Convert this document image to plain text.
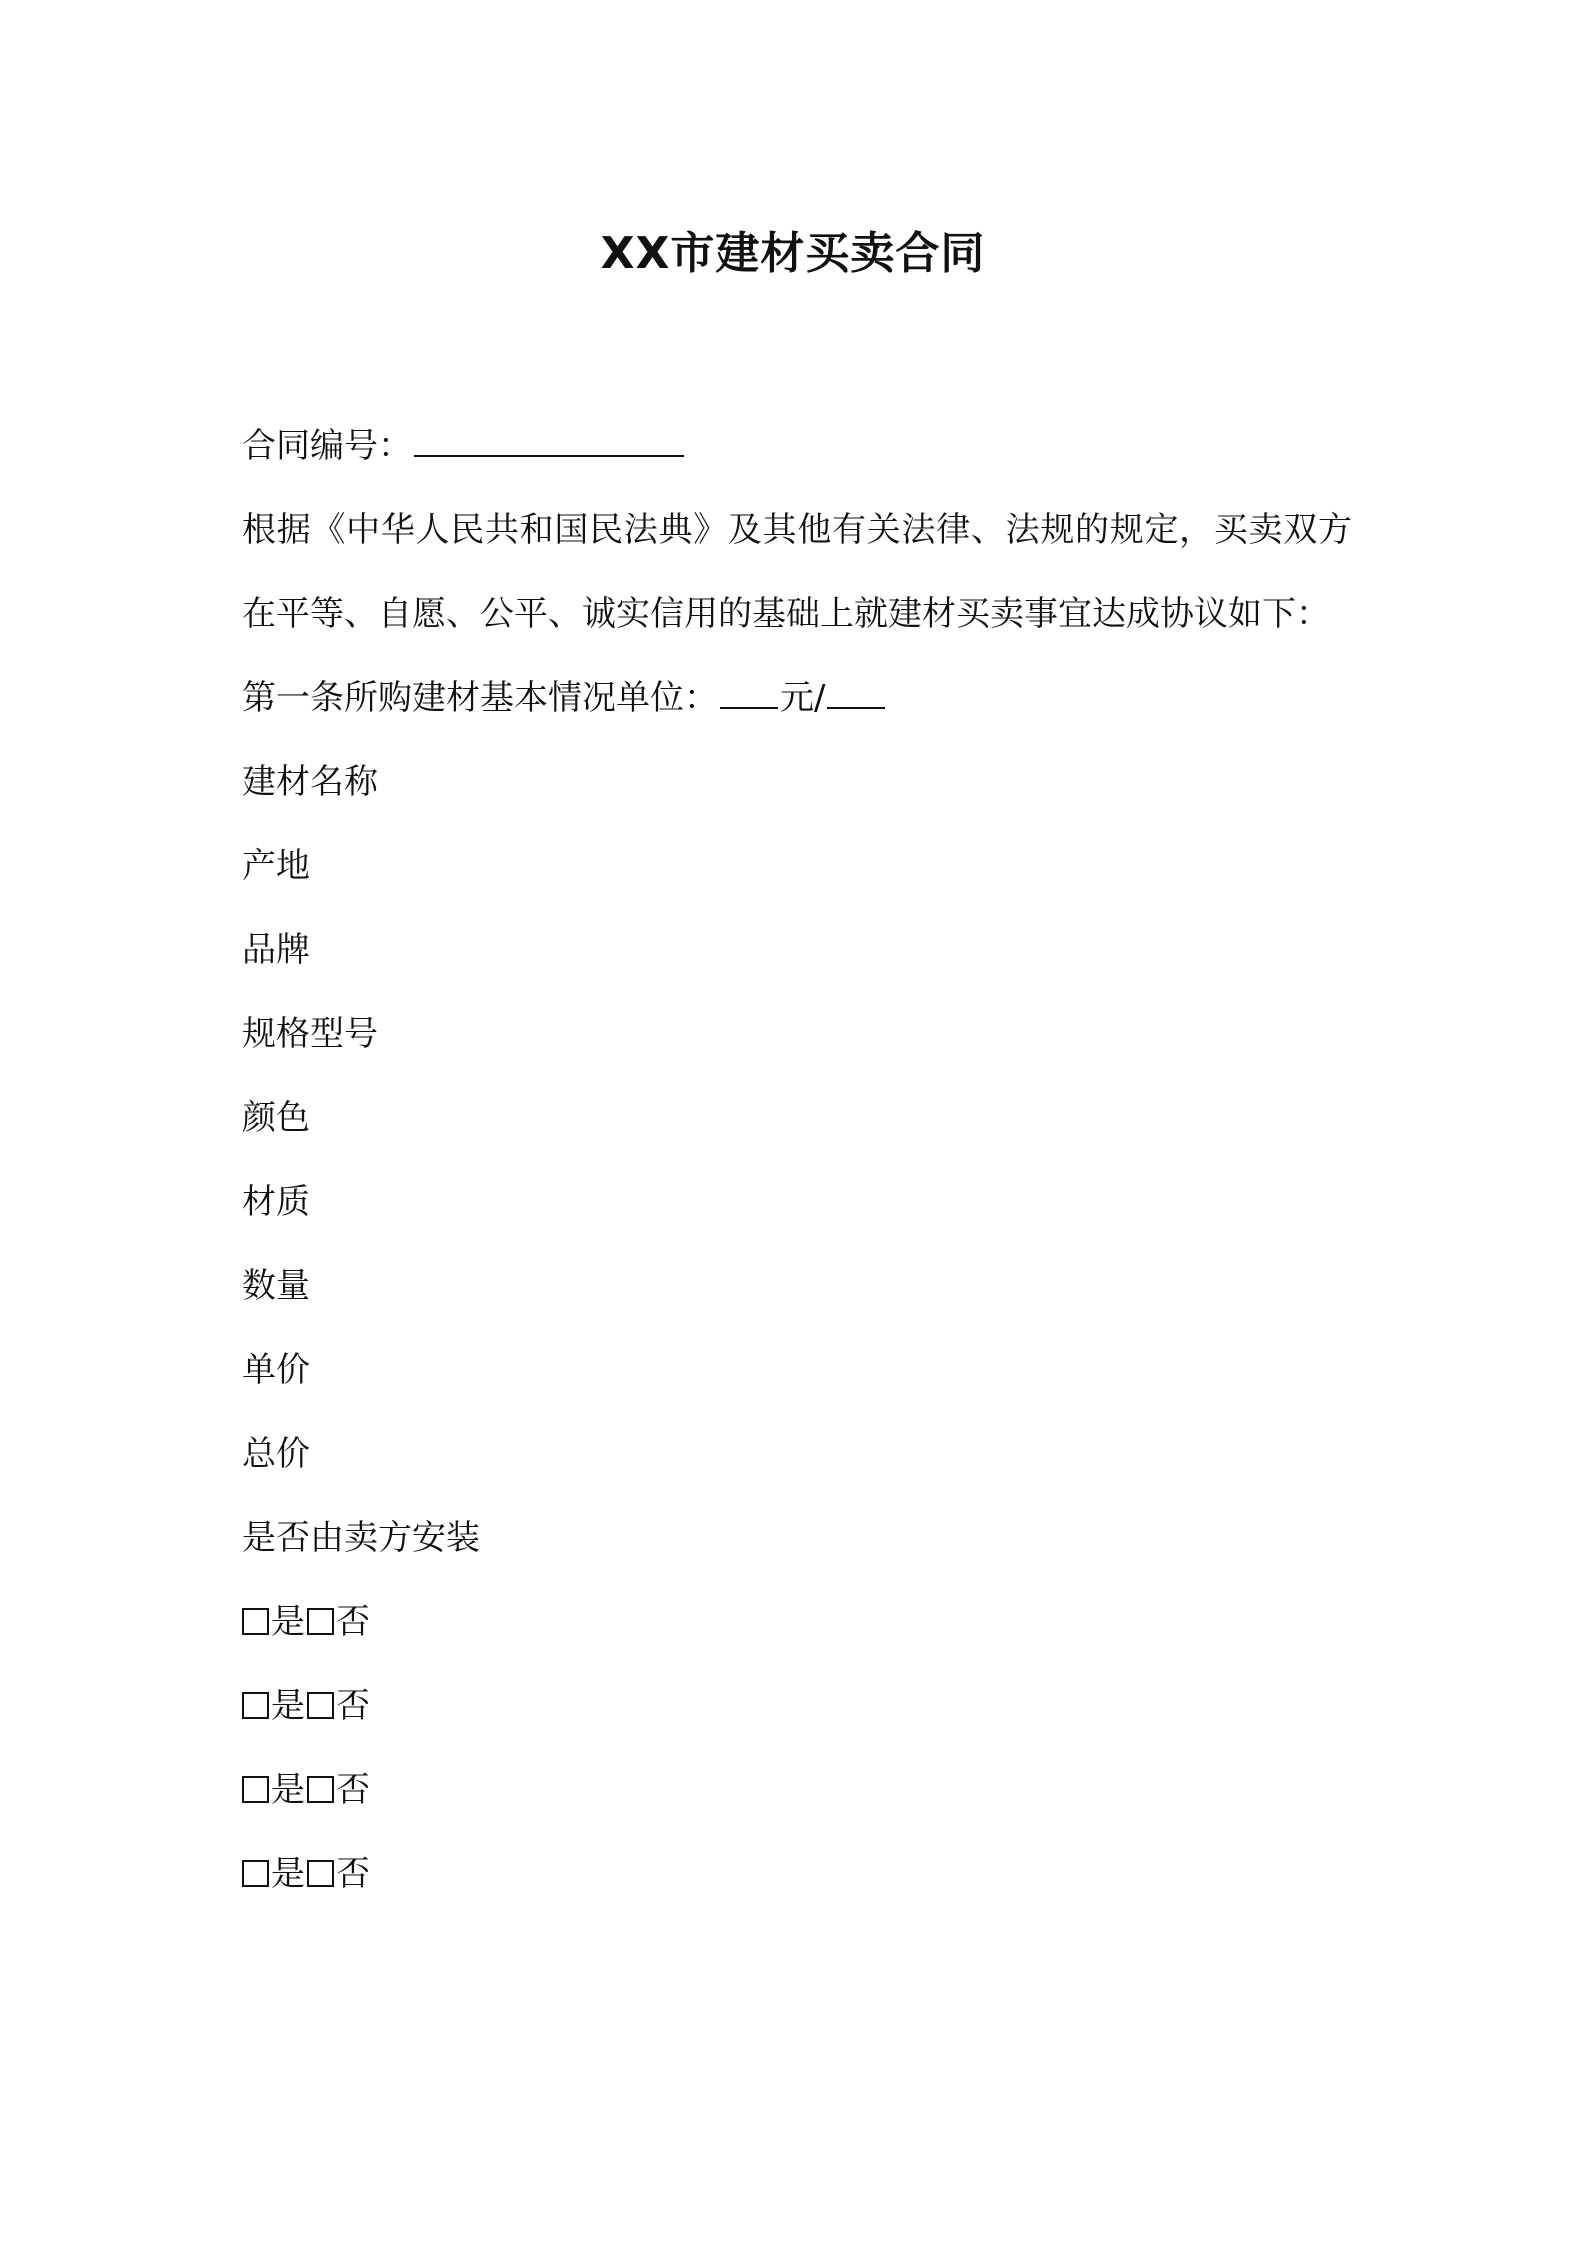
XX市建材买卖合同

合同编号：

根据《中华人民共和国民法典》及其他有关法律、法规的规定，买卖双方在平等、自愿、公平、诚实信用的基础上就建材买卖事宜达成协议如下：

第一条所购建材基本情况单位： 元/

建材名称

产地

品牌

规格型号

颜色

材质

数量

单价

总价

是否由卖方安装

是 否

是 否

是 否

是 否
